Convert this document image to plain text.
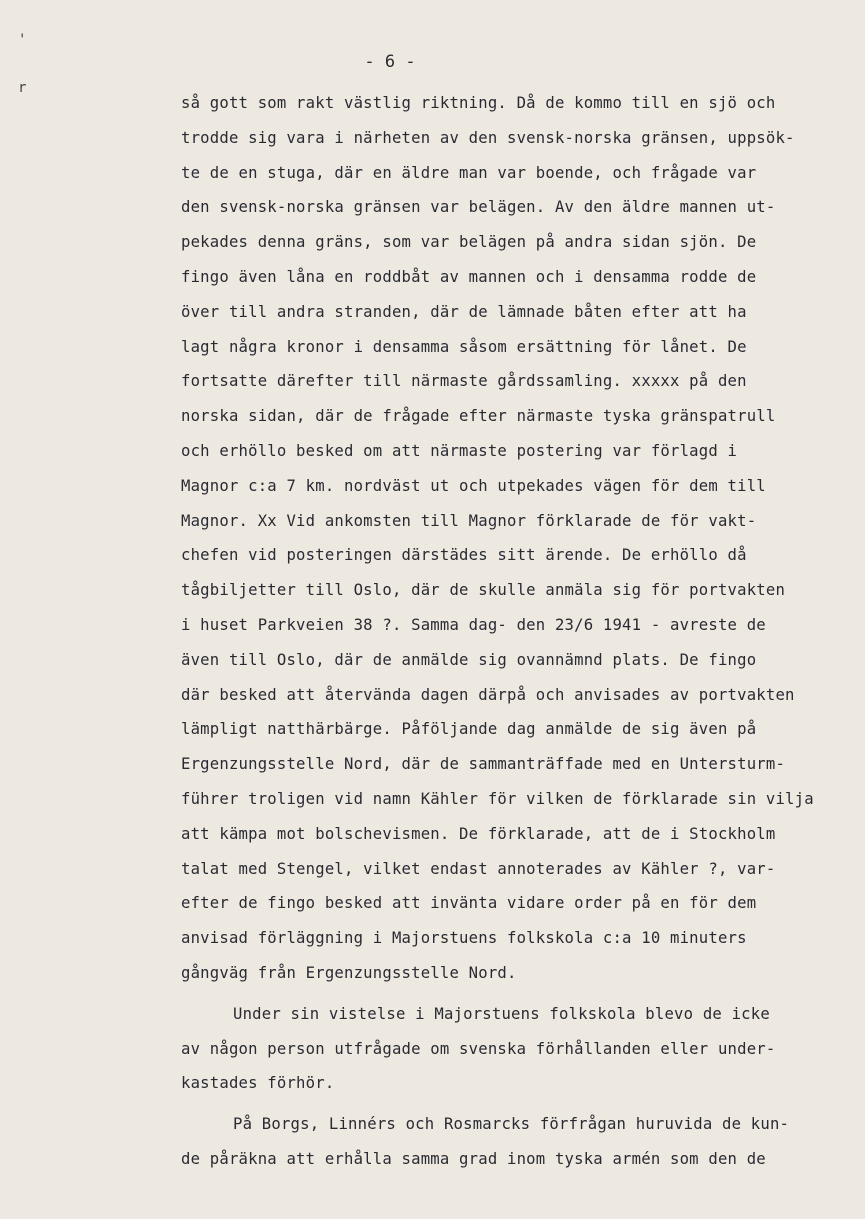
'
r
- 6 -
så gott som rakt västlig riktning. Då de kommo till en sjö och
trodde sig vara i närheten av den svensk-norska gränsen, uppsök-
te de en stuga, där en äldre man var boende, och frågade var
den svensk-norska gränsen var belägen. Av den äldre mannen ut-
pekades denna gräns, som var belägen på andra sidan sjön. De
fingo även låna en roddbåt av mannen och i densamma rodde de
över till andra stranden, där de lämnade båten efter att ha
lagt några kronor i densamma såsom ersättning för lånet. De
fortsatte därefter till närmaste gårdssamling. xxxxx på den
norska sidan, där de frågade efter närmaste tyska gränspatrull
och erhöllo besked om att närmaste postering var förlagd i
Magnor c:a 7 km. nordväst ut och utpekades vägen för dem till
Magnor. Xx Vid ankomsten till Magnor förklarade de för vakt-
chefen vid posteringen därstädes sitt ärende. De erhöllo då
tågbiljetter till Oslo, där de skulle anmäla sig för portvakten
i huset Parkveien 38 ?. Samma dag- den 23/6 1941 - avreste de
även till Oslo, där de anmälde sig ovannämnd plats. De fingo
där besked att återvända dagen därpå och anvisades av portvakten
lämpligt natthärbärge. Påföljande dag anmälde de sig även på
Ergenzungsstelle Nord, där de sammanträffade med en Untersturm-
führer troligen vid namn Kähler för vilken de förklarade sin vilja
att kämpa mot bolschevismen. De förklarade, att de i Stockholm
talat med Stengel, vilket endast annoterades av Kähler ?, var-
efter de fingo besked att invänta vidare order på en för dem
anvisad förläggning i Majorstuens folkskola c:a 10 minuters
gångväg från Ergenzungsstelle Nord.
Under sin vistelse i Majorstuens folkskola blevo de icke
av någon person utfrågade om svenska förhållanden eller under-
kastades förhör.
På Borgs, Linnérs och Rosmarcks förfrågan huruvida de kun-
de påräkna att erhålla samma grad inom tyska armén som den de
